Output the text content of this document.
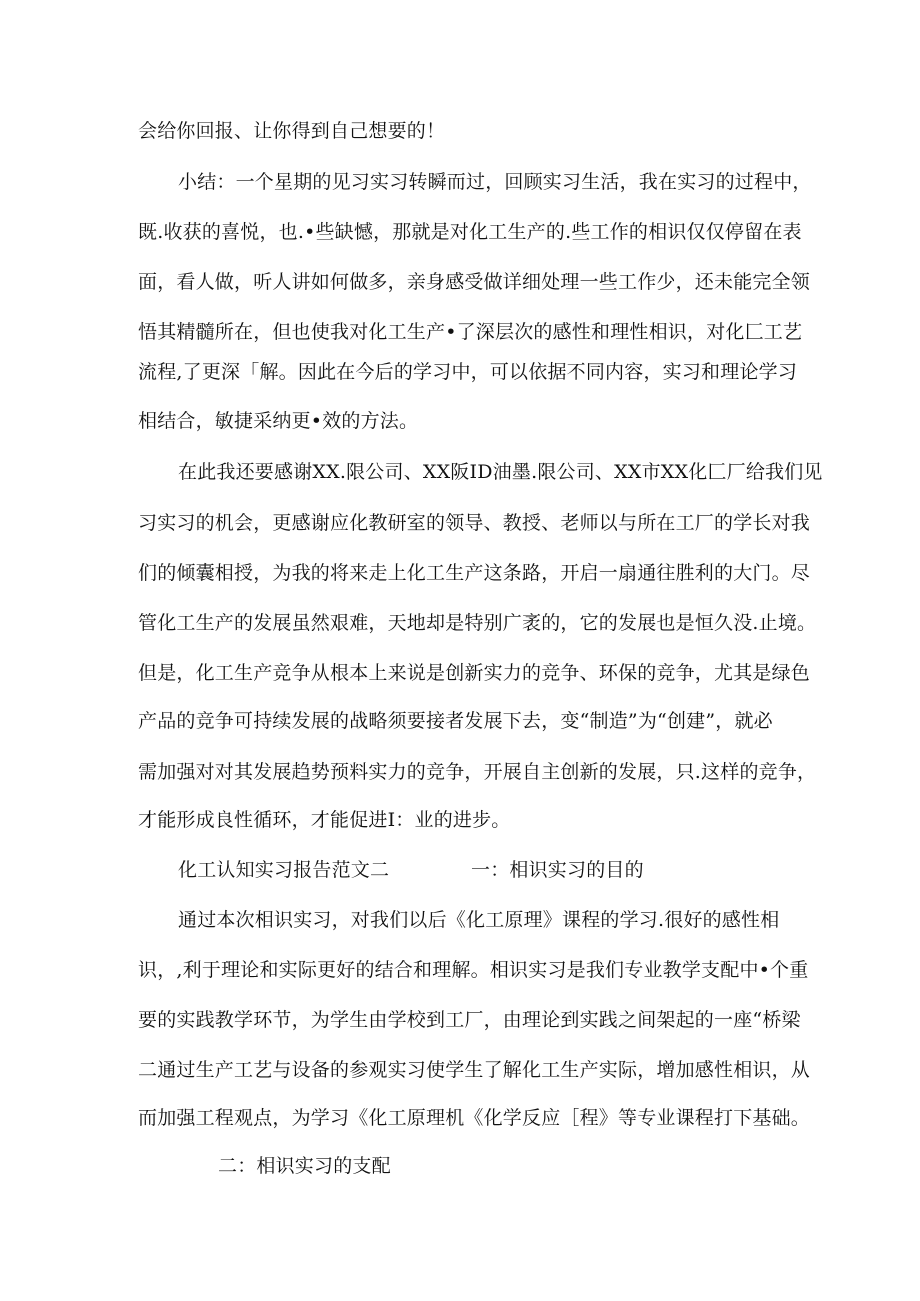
会给你回报、让你得到自己想要的！
小结：一个星期的见习实习转瞬而过，回顾实习生活，我在实习的过程中，
既.收获的喜悦，也.•些缺憾，那就是对化工生产的.些工作的相识仅仅停留在表
面，看人做，听人讲如何做多，亲身感受做详细处理一些工作少，还未能完全领
悟其精髓所在，但也使我对化工生产•了深层次的感性和理性相识，对化匚工艺
流程,了更深「解。因此在今后的学习中，可以依据不同内容，实习和理论学习
相结合，敏捷采纳更•效的方法。
在此我还要感谢XX.限公司、XX阪ID油墨.限公司、XX市XX化匚厂给我们见
习实习的机会，更感谢应化教研室的领导、教授、老师以与所在工厂的学长对我
们的倾囊相授，为我的将来走上化工生产这条路，开启一扇通往胜利的大门。尽
管化工生产的发展虽然艰难，天地却是特别广袤的，它的发展也是恒久没.止境。
但是，化工生产竞争从根本上来说是创新实力的竞争、环保的竞争，尤其是绿色
产品的竞争可持续发展的战略须要接者发展下去，变“制造”为“创建”，就必
需加强对对其发展趋势预料实力的竞争，开展自主创新的发展，只.这样的竞争，
才能形成良性循环，才能促进I：业的进步。
化工认知实习报告范文二	一：相识实习的目的
通过本次相识实习，对我们以后《化工原理》课程的学习.很好的感性相
识，,利于理论和实际更好的结合和理解。相识实习是我们专业教学支配中•个重
要的实践教学环节，为学生由学校到工厂，由理论到实践之间架起的一座“桥梁
二通过生产工艺与设备的参观实习使学生了解化工生产实际，增加感性相识，从
而加强工程观点，为学习《化工原理机《化学反应［程》等专业课程打下基础。
二：相识实习的支配
